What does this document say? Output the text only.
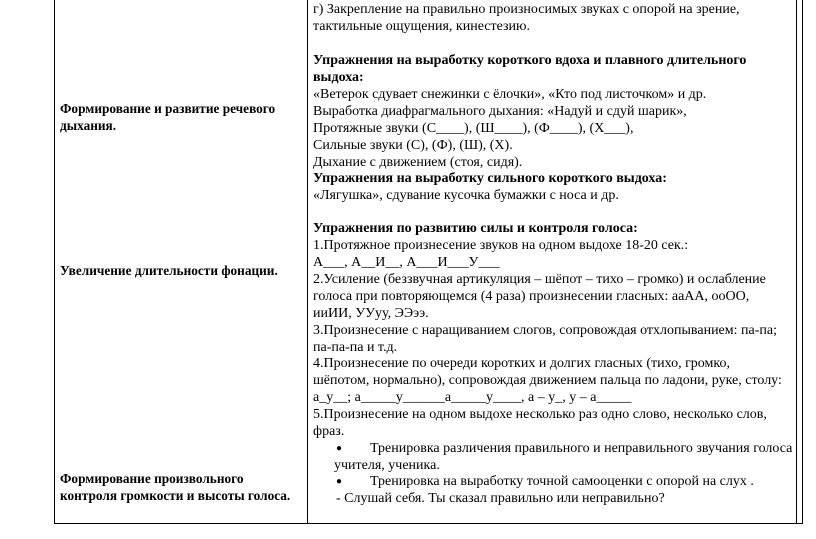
Формирование и развитие речевого дыхания.
Увеличение длительности фонации.
Формирование произвольного контроля громкости и высоты голоса.
г) Закрепление на правильно произносимых звуках с опорой на зрение,
тактильные ощущения, кинестезию.
Упражнения на выработку короткого вдоха и плавного длительного
выдоха:
«Ветерок сдувает снежинки с ёлочки», «Кто под листочком» и др.
Выработка диафрагмального дыхания: «Надуй и сдуй шарик»,
Протяжные звуки (С____), (Ш____), (Ф____), (Х___),
Сильные звуки (С), (Ф), (Ш), (Х).
Дыхание с движением (стоя, сидя).
Упражнения на выработку сильного короткого выдоха:
«Лягушка», сдувание кусочка бумажки с носа и др.
Упражнения по развитию силы и контроля голоса:
1.Протяжное произнесение звуков на одном выдохе 18-20 сек.:
А___, А__И__, А___И___У___
2.Усиление (беззвучная артикуляция – шёпот – тихо – громко) и ослабление
голоса при повторяющемся (4 раза) произнесении гласных: ааАА, ооОО,
ииИИ, УУуу, ЭЭээ.
3.Произнесение с наращиванием слогов, сопровождая отхлопыванием: па-па;
па-па-па и т.д.
4.Произнесение по очереди коротких и долгих гласных (тихо, громко,
шёпотом, нормально), сопровождая движением пальца по ладони, руке, столу:
а_у__; а_____у______а_____у____, а – у_, у – а_____
5.Произнесение на одном выдохе несколько раз одно слово, несколько слов,
фраз.
● Тренировка различения правильного и неправильного звучания голоса
учителя, ученика.
● Тренировка на выработку точной самооценки с опорой на слух .
- Слушай себя. Ты сказал правильно или неправильно?
